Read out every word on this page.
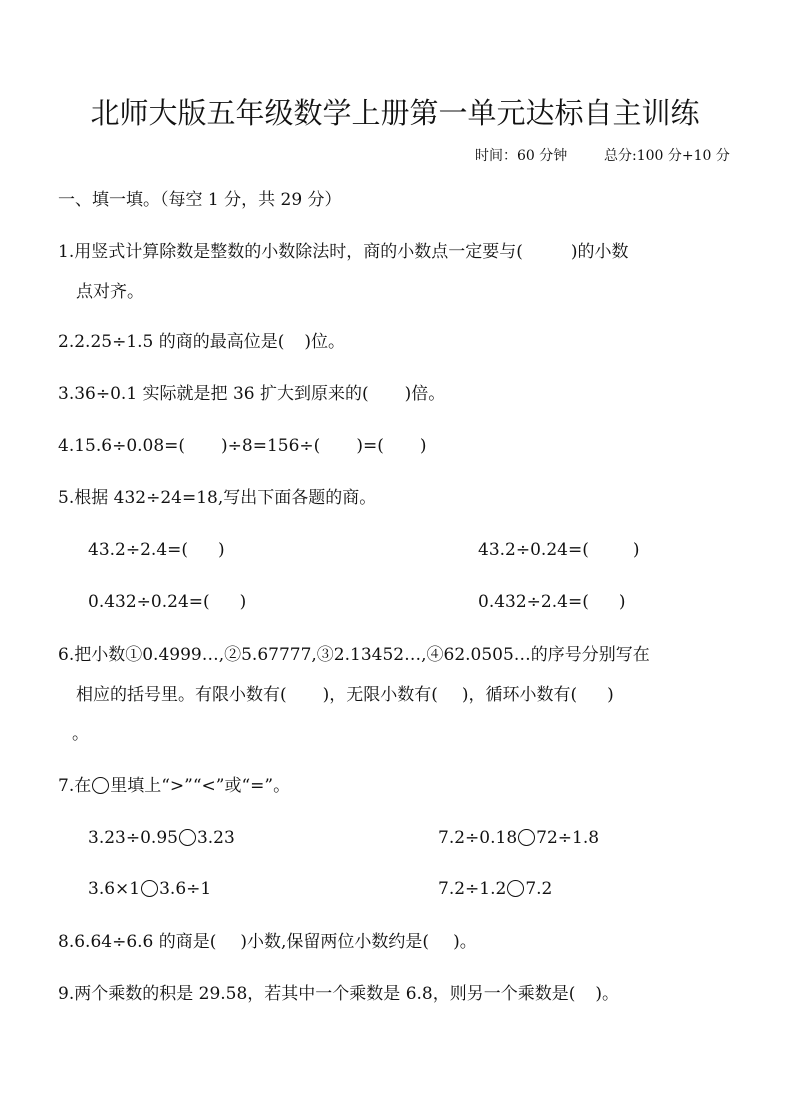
北师大版五年级数学上册第一单元达标自主训练
时间：60 分钟	总分:100 分+10 分
一、填一填。（每空 1 分，共 29 分）
1.用竖式计算除数是整数的小数除法时，商的小数点一定要与(	)的小数
点对齐。
2.2.25÷1.5 的商的最高位是( )位。
3.36÷0.1 实际就是把 36 扩大到原来的( )倍。
4.15.6÷0.08=( )÷8=156÷( )=( )
5.根据 432÷24=18,写出下面各题的商。
43.2÷2.4=( )	43.2÷0.24=(	)
0.432÷0.24=( )	0.432÷2.4=( )
6.把小数①0.4999…,②5.67777,③2.13452…,④62.0505…的序号分别写在
相应的括号里。有限小数有( )，无限小数有( )，循环小数有( )
。
7.在 里填上“>”“<”或“=”。
3.23÷0.95 3.23	7.2÷0.18 72÷1.8
3.6×1 3.6÷1	7.2÷1.2 7.2
8.6.64÷6.6 的商是( )小数,保留两位小数约是( )。
9.两个乘数的积是 29.58，若其中一个乘数是 6.8，则另一个乘数是( )。
